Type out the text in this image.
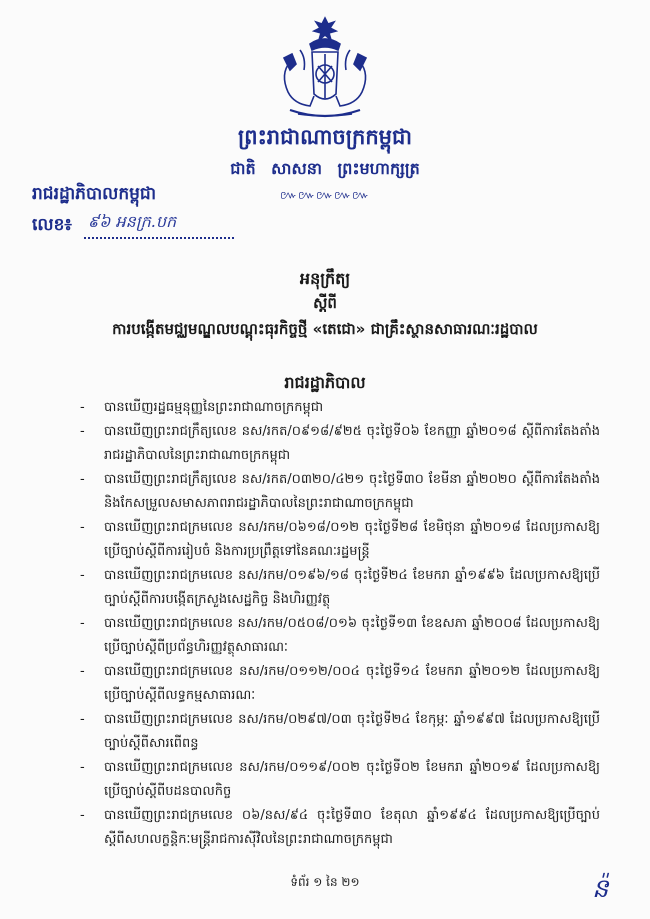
ព្រះរាជាណាចក្រកម្ពុជា
ជាតិ សាសនា ព្រះមហាក្សត្រ
៚៚៚៚៚
រាជរដ្ឋាភិបាលកម្ពុជា
លេខ៖ ៩៦ អនក្រ.បក
អនុក្រឹត្យ
ស្តីពី
ការបង្កើតមជ្ឈមណ្ឌលបណ្តុះធុរកិច្ចថ្មី «តេជោ» ជាគ្រឹះស្ថានសាធារណៈរដ្ឋបាល
រាជរដ្ឋាភិបាល
- បានឃើញរដ្ឋធម្មនុញ្ញនៃព្រះរាជាណាចក្រកម្ពុជា
- បានឃើញព្រះរាជក្រឹត្យលេខ នស/រកត/០៩១៨/៩២៥ ចុះថ្ងៃទី០៦ ខែកញ្ញា ឆ្នាំ២០១៨ ស្តីពីការតែងតាំងរាជរដ្ឋាភិបាលនៃព្រះរាជាណាចក្រកម្ពុជា
- បានឃើញព្រះរាជក្រឹត្យលេខ នស/រកត/០៣២០/៤២១ ចុះថ្ងៃទី៣០ ខែមីនា ឆ្នាំ២០២០ ស្តីពីការតែងតាំង និងកែសម្រួលសមាសភាពរាជរដ្ឋាភិបាលនៃព្រះរាជាណាចក្រកម្ពុជា
- បានឃើញព្រះរាជក្រមលេខ នស/រកម/០៦១៨/០១២ ចុះថ្ងៃទី២៨ ខែមិថុនា ឆ្នាំ២០១៨ ដែលប្រកាសឱ្យប្រើច្បាប់ស្តីពីការរៀបចំ និងការប្រព្រឹត្តទៅនៃគណៈរដ្ឋមន្ត្រី
- បានឃើញព្រះរាជក្រមលេខ នស/រកម/០១៩៦/១៨ ចុះថ្ងៃទី២៤ ខែមករា ឆ្នាំ១៩៩៦ ដែលប្រកាសឱ្យប្រើច្បាប់ស្តីពីការបង្កើតក្រសួងសេដ្ឋកិច្ច និងហិរញ្ញវត្ថុ
- បានឃើញព្រះរាជក្រមលេខ នស/រកម/០៥០៨/០១៦ ចុះថ្ងៃទី១៣ ខែឧសភា ឆ្នាំ២០០៨ ដែលប្រកាសឱ្យប្រើច្បាប់ស្តីពីប្រព័ន្ធហិរញ្ញវត្ថុសាធារណៈ
- បានឃើញព្រះរាជក្រមលេខ នស/រកម/០១១២/០០៤ ចុះថ្ងៃទី១៤ ខែមករា ឆ្នាំ២០១២ ដែលប្រកាសឱ្យប្រើច្បាប់ស្តីពីលទ្ធកម្មសាធារណៈ
- បានឃើញព្រះរាជក្រមលេខ នស/រកម/០២៩៧/០៣ ចុះថ្ងៃទី២៤ ខែកុម្ភៈ ឆ្នាំ១៩៩៧ ដែលប្រកាសឱ្យប្រើច្បាប់ស្តីពីសារពើពន្ធ
- បានឃើញព្រះរាជក្រមលេខ នស/រកម/០១១៩/០០២ ចុះថ្ងៃទី០២ ខែមករា ឆ្នាំ២០១៩ ដែលប្រកាសឱ្យប្រើច្បាប់ស្តីពីបដនបាលកិច្ច
- បានឃើញព្រះរាជក្រមលេខ ០៦/នស/៩៤ ចុះថ្ងៃទី៣០ ខែតុលា ឆ្នាំ១៩៩៤ ដែលប្រកាសឱ្យប្រើច្បាប់ស្តីពីសហលក្ខន្តិកៈមន្ត្រីរាជការស៊ីវិលនៃព្រះរាជាណាចក្រកម្ពុជា
ទំព័រ ១ នៃ ២១	ន៉
